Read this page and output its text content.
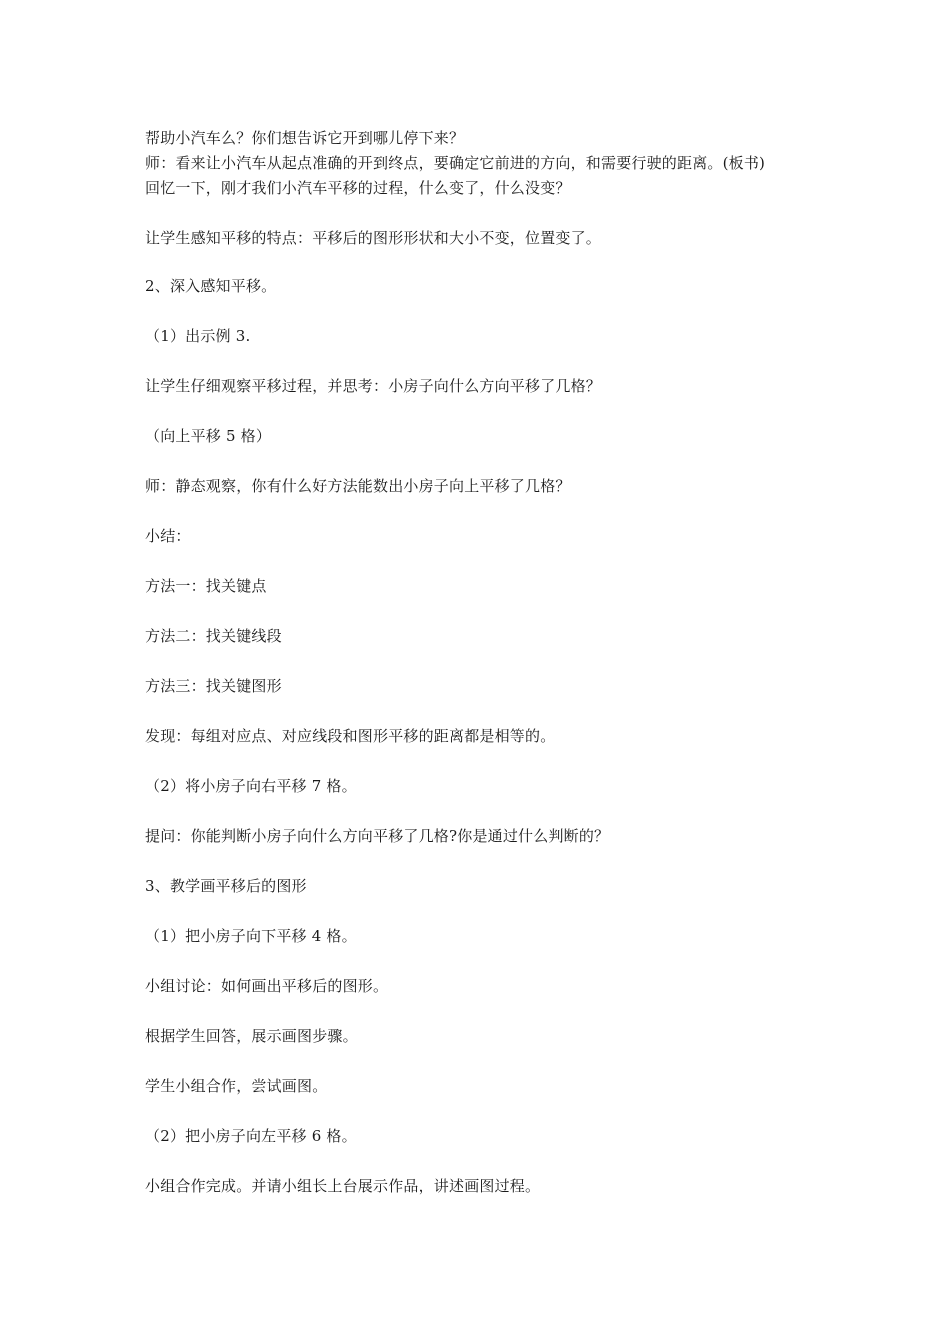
帮助小汽车么？你们想告诉它开到哪儿停下来？
师：看来让小汽车从起点准确的开到终点，要确定它前进的方向，和需要行驶的距离。(板书)
回忆一下，刚才我们小汽车平移的过程，什么变了，什么没变？
让学生感知平移的特点：平移后的图形形状和大小不变，位置变了。
2、深入感知平移。
（1）出示例 3.
让学生仔细观察平移过程，并思考：小房子向什么方向平移了几格？
（向上平移 5 格）
师：静态观察，你有什么好方法能数出小房子向上平移了几格？
小结：
方法一：找关键点
方法二：找关键线段
方法三：找关键图形
发现：每组对应点、对应线段和图形平移的距离都是相等的。
（2）将小房子向右平移 7 格。
提问：你能判断小房子向什么方向平移了几格?你是通过什么判断的？
3、教学画平移后的图形
（1）把小房子向下平移 4 格。
小组讨论：如何画出平移后的图形。
根据学生回答，展示画图步骤。
学生小组合作，尝试画图。
（2）把小房子向左平移 6 格。
小组合作完成。并请小组长上台展示作品，讲述画图过程。
